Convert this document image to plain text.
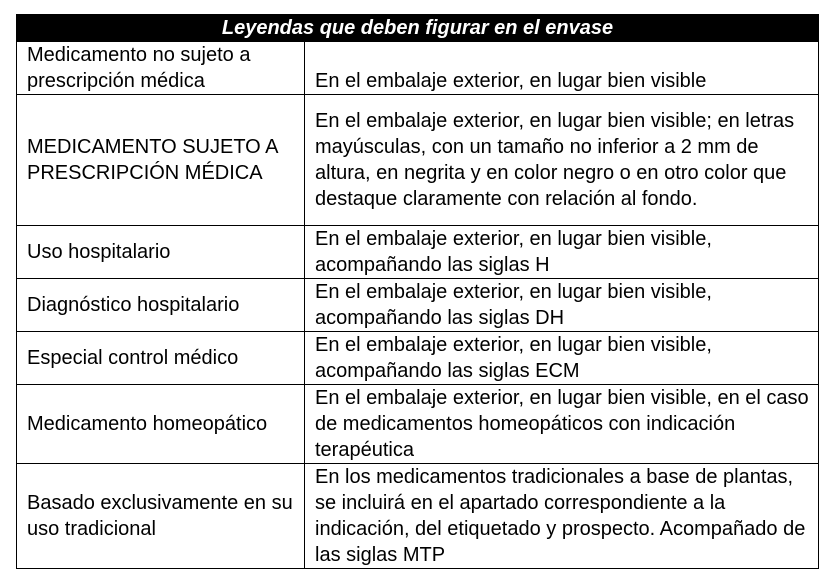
Leyendas que deben figurar en el envase	
Medicamento no sujeto a prescripción médica	En el embalaje exterior, en lugar bien visible
MEDICAMENTO SUJETO A PRESCRIPCIÓN MÉDICA	En el embalaje exterior, en lugar bien visible; en letras mayúsculas, con un tamaño no inferior a 2 mm de altura, en negrita y en color negro o en otro color que destaque claramente con relación al fondo.
Uso hospitalario	En el embalaje exterior, en lugar bien visible, acompañando las siglas H
Diagnóstico hospitalario	En el embalaje exterior, en lugar bien visible, acompañando las siglas DH
Especial control médico	En el embalaje exterior, en lugar bien visible, acompañando las siglas ECM
Medicamento homeopático	En el embalaje exterior, en lugar bien visible, en el caso de medicamentos homeopáticos con indicación terapéutica
Basado exclusivamente en su uso tradicional	En los medicamentos tradicionales a base de plantas, se incluirá en el apartado correspondiente a la indicación, del etiquetado y prospecto. Acompañado de las siglas MTP
